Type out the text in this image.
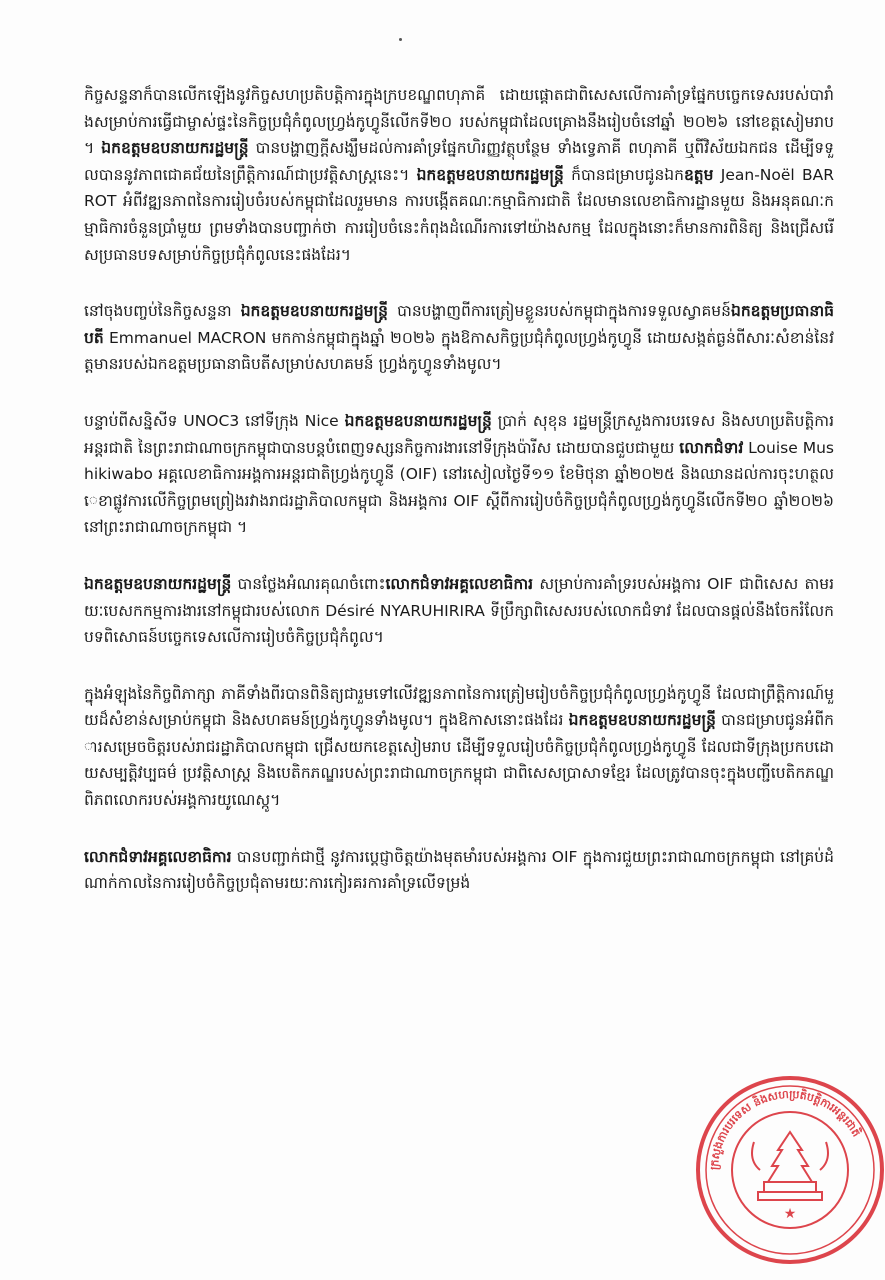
កិច្ចសន្ទនាក៏បានលើកឡើងនូវកិច្ចសហប្រតិបត្តិការក្នុងក្របខណ្ឌពហុភាគី ដោយផ្តោតជាពិសេសលើការគាំទ្រផ្នែកបច្ចេកទេសរបស់បារាំងសម្រាប់ការធ្វើជាម្ចាស់ផ្ទះនៃកិច្ចប្រជុំកំពូលហ្វ្រង់កូហ្វូនីលើកទី២០ របស់កម្ពុជាដែលគ្រោងនឹងរៀបចំនៅឆ្នាំ ២០២៦ នៅខេត្តសៀមរាប។ ឯកឧត្តមឧបនាយករដ្ឋមន្ត្រី បានបង្ហាញក្តីសង្ឃឹមដល់ការគាំទ្រផ្នែកហិរញ្ញវត្ថុបន្ថែម ទាំងទ្វេភាគី ពហុភាគី ឬពីវិស័យឯកជន ដើម្បីទទួលបាននូវភាពជោគជ័យនៃព្រឹត្តិការណ៍ជាប្រវត្តិសាស្ត្រនេះ។ ឯកឧត្តមឧបនាយករដ្ឋមន្ត្រី ក៏បានជម្រាបជូនឯកឧត្តម Jean-Noël BARROT អំពីវឌ្ឍនភាពនៃការរៀបចំរបស់កម្ពុជាដែលរួមមាន ការបង្កើតគណៈកម្មាធិការជាតិ ដែលមានលេខាធិការដ្ឋានមួយ និងអនុគណៈកម្មាធិការចំនួនប្រាំមួយ ព្រមទាំងបានបញ្ជាក់ថា ការរៀបចំនេះកំពុងដំណើរការទៅយ៉ាងសកម្ម ដែលក្នុងនោះក៏មានការពិនិត្យ និងជ្រើសរើសប្រធានបទសម្រាប់កិច្ចប្រជុំកំពូលនេះផងដែរ។

នៅចុងបញ្ចប់នៃកិច្ចសន្ទនា ឯកឧត្តមឧបនាយករដ្ឋមន្ត្រី បានបង្ហាញពីការត្រៀមខ្លួនរបស់កម្ពុជាក្នុងការទទួលស្វាគមន៍ឯកឧត្តមប្រធានាធិបតី Emmanuel MACRON មកកាន់កម្ពុជាក្នុងឆ្នាំ ២០២៦ ក្នុងឱកាសកិច្ចប្រជុំកំពូលហ្វ្រង់កូហ្វូនី ដោយសង្កត់ធ្ងន់ពីសារៈសំខាន់នៃវត្តមានរបស់ឯកឧត្តមប្រធានាធិបតីសម្រាប់សហគមន៍ ហ្វ្រង់កូហ្វូនទាំងមូល។

បន្ទាប់ពីសន្និសីទ UNOC3 នៅទីក្រុង Nice ឯកឧត្តមឧបនាយករដ្ឋមន្ត្រី ប្រាក់ សុខុន រដ្ឋមន្ត្រីក្រសួងការបរទេស និងសហប្រតិបត្តិការអន្តរជាតិ នៃព្រះរាជាណាចក្រកម្ពុជាបានបន្តបំពេញទស្សនកិច្ចការងារនៅទីក្រុងប៉ារីស ដោយបានជួបជាមួយ លោកជំទាវ Louise Mushikiwabo អគ្គលេខាធិការអង្គការអន្តរជាតិហ្វ្រង់កូហ្វូនី (OIF) នៅរសៀលថ្ងៃទី១១ ខែមិថុនា ឆ្នាំ២០២៥ និងឈានដល់ការចុះហត្ថលេខាផ្លូវការលើកិច្ចព្រមព្រៀងរវាងរាជរដ្ឋាភិបាលកម្ពុជា និងអង្គការ OIF ស្តីពីការរៀបចំកិច្ចប្រជុំកំពូលហ្វ្រង់កូហ្វូនីលើកទី២០ ឆ្នាំ២០២៦ នៅព្រះរាជាណាចក្រកម្ពុជា ។

ឯកឧត្តមឧបនាយករដ្ឋមន្ត្រី បានថ្លែងអំណរគុណចំពោះលោកជំទាវអគ្គលេខាធិការ សម្រាប់ការគាំទ្ររបស់អង្គការ OIF ជាពិសេស តាមរយៈបេសកកម្មការងារនៅកម្ពុជារបស់លោក Désiré NYARUHIRIRA ទីប្រឹក្សាពិសេសរបស់លោកជំទាវ ដែលបានផ្តល់នឹងចែករំលែកបទពិសោធន៍បច្ចេកទេសលើការរៀបចំកិច្ចប្រជុំកំពូល។

ក្នុងអំឡុងនៃកិច្ចពិភាក្សា ភាគីទាំងពីរបានពិនិត្យជារួមទៅលើវឌ្ឍនភាពនៃការត្រៀមរៀបចំកិច្ចប្រជុំកំពូលហ្វ្រង់កូហ្វូនី ដែលជាព្រឹត្តិការណ៍មួយដ៏សំខាន់សម្រាប់កម្ពុជា និងសហគមន៍ហ្វ្រង់កូហ្វូនទាំងមូល។ ក្នុងឱកាសនោះផងដែរ ឯកឧត្តមឧបនាយករដ្ឋមន្ត្រី បានជម្រាបជូនអំពីការសម្រេចចិត្តរបស់រាជរដ្ឋាភិបាលកម្ពុជា ជ្រើសយកខេត្តសៀមរាប ដើម្បីទទួលរៀបចំកិច្ចប្រជុំកំពូលហ្វ្រង់កូហ្វូនី ដែលជាទីក្រុងប្រកបដោយសម្បត្តិវប្បធម៌ ប្រវត្តិសាស្ត្រ និងបេតិកភណ្ឌរបស់ព្រះរាជាណាចក្រកម្ពុជា ជាពិសេសប្រាសាទខ្មែរ ដែលត្រូវបានចុះក្នុងបញ្ជីបេតិកភណ្ឌពិភពលោករបស់អង្គការយូណេស្កូ។

លោកជំទាវអគ្គលេខាធិការ បានបញ្ជាក់ជាថ្មី នូវការប្តេជ្ញាចិត្តយ៉ាងមុតមាំរបស់អង្គការ OIF ក្នុងការជួយព្រះរាជាណាចក្រកម្ពុជា នៅគ្រប់ដំណាក់កាលនៃការរៀបចំកិច្ចប្រជុំតាមរយៈការកៀរគរការគាំទ្រលើទម្រង់

ក្រសួងការបរទេស និងសហប្រតិបត្តិការអន្តរជាតិ
★
